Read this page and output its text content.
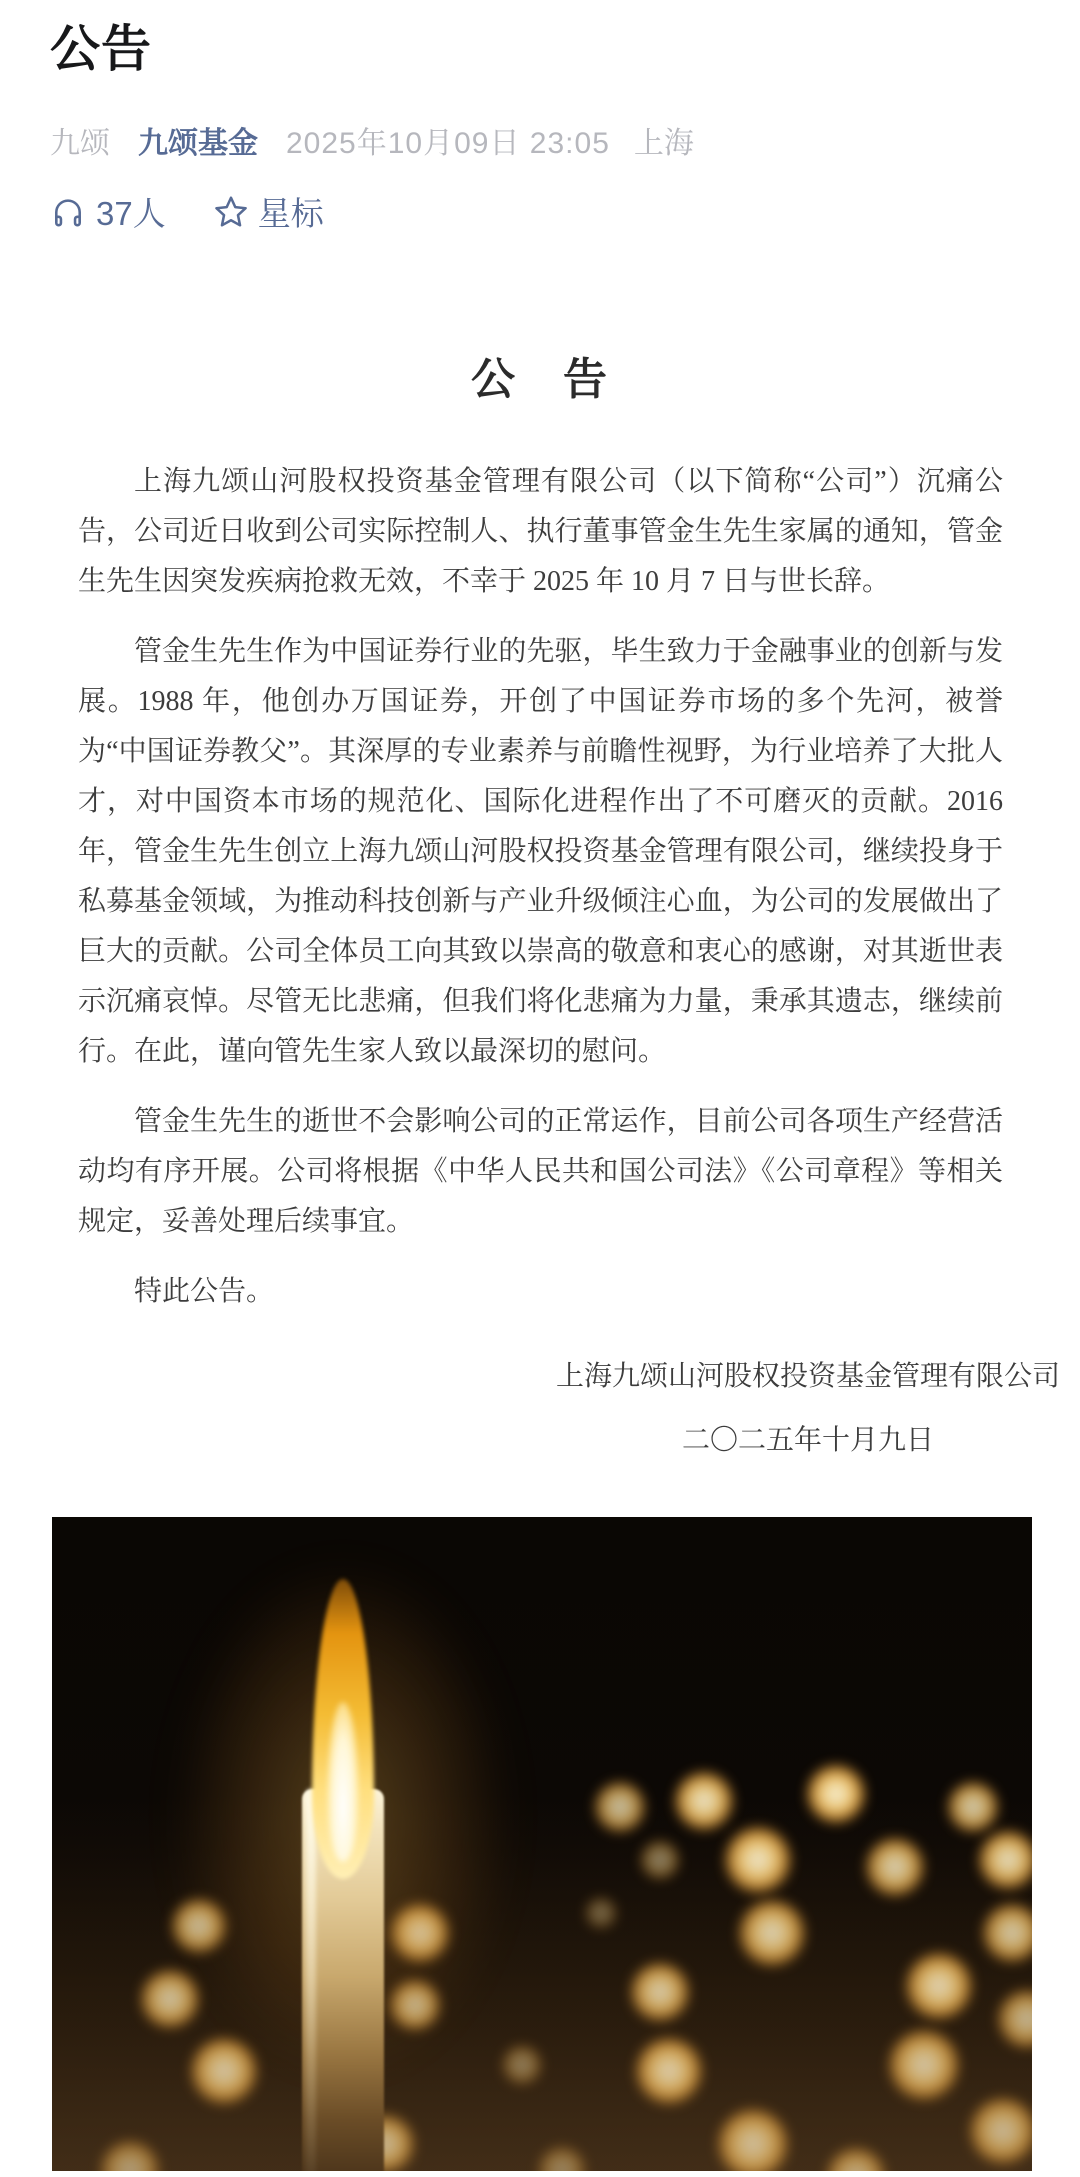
公告
九颂 九颂基金 2025年10月09日 23:05 上海
37人	星标
公　告

上海九颂山河股权投资基金管理有限公司（以下简称“公司”）沉痛公告，公司近日收到公司实际控制人、执行董事管金生先生家属的通知，管金生先生因突发疾病抢救无效，不幸于 2025 年 10 月 7 日与世长辞。

管金生先生作为中国证券行业的先驱，毕生致力于金融事业的创新与发展。1988 年，他创办万国证券，开创了中国证券市场的多个先河，被誉为“中国证券教父”。其深厚的专业素养与前瞻性视野，为行业培养了大批人才，对中国资本市场的规范化、国际化进程作出了不可磨灭的贡献。2016 年，管金生先生创立上海九颂山河股权投资基金管理有限公司，继续投身于私募基金领域，为推动科技创新与产业升级倾注心血，为公司的发展做出了巨大的贡献。公司全体员工向其致以崇高的敬意和衷心的感谢，对其逝世表示沉痛哀悼。尽管无比悲痛，但我们将化悲痛为力量，秉承其遗志，继续前行。在此，谨向管先生家人致以最深切的慰问。

管金生先生的逝世不会影响公司的正常运作，目前公司各项生产经营活动均有序开展。公司将根据《中华人民共和国公司法》《公司章程》等相关规定，妥善处理后续事宜。

特此公告。

上海九颂山河股权投资基金管理有限公司
二〇二五年十月九日
